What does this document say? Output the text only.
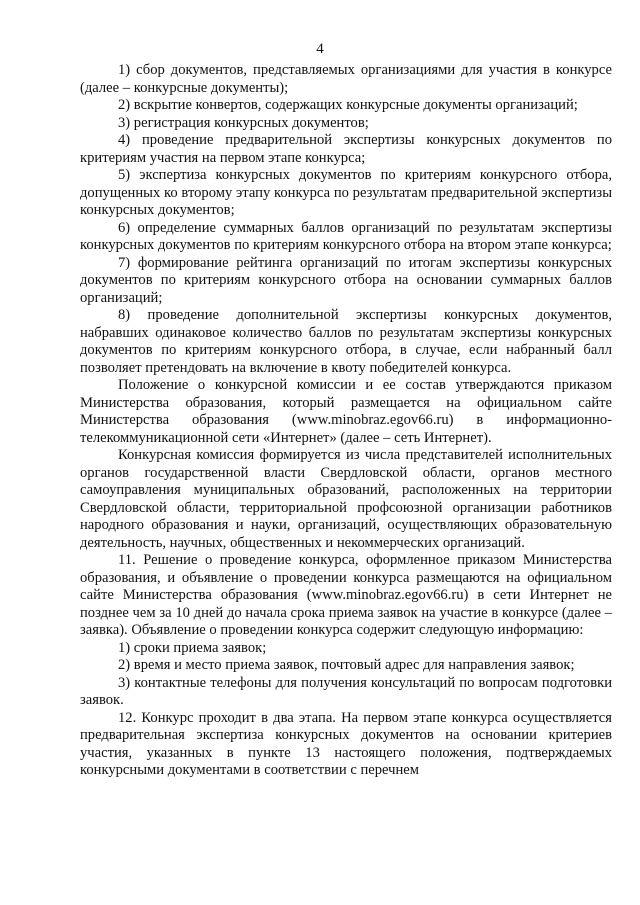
4

1) сбор документов, представляемых организациями для участия в конкурсе (далее – конкурсные документы);

2) вскрытие конвертов, содержащих конкурсные документы организаций;

3) регистрация конкурсных документов;

4) проведение предварительной экспертизы конкурсных документов по критериям участия на первом этапе конкурса;

5) экспертиза конкурсных документов по критериям конкурсного отбора, допущенных ко второму этапу конкурса по результатам предварительной экспертизы конкурсных документов;

6) определение суммарных баллов организаций по результатам экспертизы конкурсных документов по критериям конкурсного отбора на втором этапе конкурса;

7) формирование рейтинга организаций по итогам экспертизы конкурсных документов по критериям конкурсного отбора на основании суммарных баллов организаций;

8) проведение дополнительной экспертизы конкурсных документов, набравших одинаковое количество баллов по результатам экспертизы конкурсных документов по критериям конкурсного отбора, в случае, если набранный балл позволяет претендовать на включение в квоту победителей конкурса.

Положение о конкурсной комиссии и ее состав утверждаются приказом Министерства образования, который размещается на официальном сайте Министерства образования (www.minobraz.egov66.ru) в информационно-телекоммуникационной сети «Интернет» (далее – сеть Интернет).

Конкурсная комиссия формируется из числа представителей исполнительных органов государственной власти Свердловской области, органов местного самоуправления муниципальных образований, расположенных на территории Свердловской области, территориальной профсоюзной организации работников народного образования и науки, организаций, осуществляющих образовательную деятельность, научных, общественных и некоммерческих организаций.

11. Решение о проведение конкурса, оформленное приказом Министерства образования, и объявление о проведении конкурса размещаются на официальном сайте Министерства образования (www.minobraz.egov66.ru) в сети Интернет не позднее чем за 10 дней до начала срока приема заявок на участие в конкурсе (далее – заявка). Объявление о проведении конкурса содержит следующую информацию:

1) сроки приема заявок;

2) время и место приема заявок, почтовый адрес для направления заявок;

3) контактные телефоны для получения консультаций по вопросам подготовки заявок.

12. Конкурс проходит в два этапа. На первом этапе конкурса осуществляется предварительная экспертиза конкурсных документов на основании критериев участия, указанных в пункте 13 настоящего положения, подтверждаемых конкурсными документами в соответствии с перечнем
